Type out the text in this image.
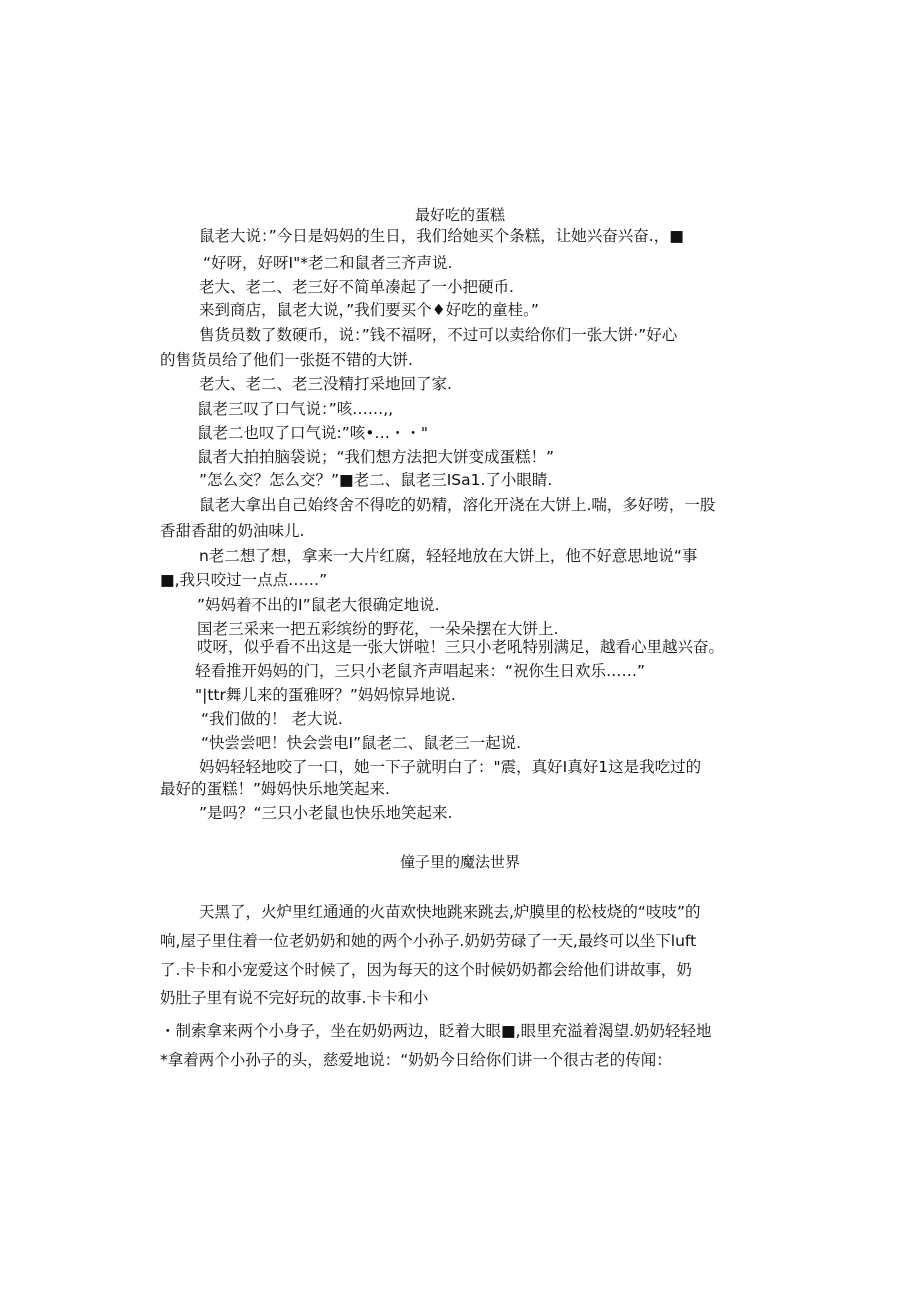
最好吃的蛋糕
鼠老大说：”今日是妈妈的生日，我们给她买个条糕，让她兴奋兴奋.，■
“好呀，好呀I"*老二和鼠者三齐声说.
老大、老二、老三好不简单凑起了一小把硬币.
来到商店，鼠老大说，”我们要买个♦好吃的童桂。”
售货员数了数硬币，说：”钱不福呀，不过可以卖给你们一张大饼·”好心
的售货员给了他们一张挺不错的大饼.
老大、老二、老三没精打采地回了家.
鼠老三叹了口气说：”咳……,,
鼠老二也叹了口气说:”咳•…・・"
鼠者大拍拍脑袋说；“我们想方法把大饼变成蛋糕！”
”怎么交？怎么交？”■老二、鼠老三ISa1.了小眼睛.
鼠老大拿出自己始终舍不得吃的奶精，溶化开浇在大饼上.喘，多好唠，一股
香甜香甜的奶油味儿.
n老二想了想，拿来一大片红腐，轻轻地放在大饼上，他不好意思地说“事
■,我只咬过一点点……”
”妈妈着不出的I”鼠老大很确定地说.
国老三采来一把五彩缤纷的野花，一朵朵摆在大饼上.
哎呀，似乎看不出这是一张大饼啦！三只小老吼特别满足，越看心里越兴奋。
轻看推开妈妈的门，三只小老鼠齐声唱起来：“祝你生日欢乐……”
"|ttr舞儿来的蛋雅呀？”妈妈惊异地说.
“我们做的！ 老大说.
“快尝尝吧！快会尝电I”鼠老二、鼠老三一起说.
妈妈轻轻地咬了一口，她一下子就明白了："震，真好I真好1这是我吃过的
最好的蛋糕！”姆妈快乐地笑起来.
”是吗？“三只小老鼠也快乐地笑起来.
僮子里的魔法世界
天黑了，火炉里红通通的火苗欢快地跳来跳去,炉膜里的松枝烧的“吱吱”的
响,屋子里住着一位老奶奶和她的两个小孙子.奶奶劳碌了一天,最终可以坐下luft
了.卡卡和小宠爱这个时候了，因为每天的这个时候奶奶都会给他们讲故事，奶
奶肚子里有说不完好玩的故事.卡卡和小
・制索拿来两个小身子，坐在奶奶两边，眨着大眼■,眼里充溢着渴望.奶奶轻轻地
*拿着两个小孙子的头，慈爱地说：“奶奶今日给你们讲一个很古老的传闻：
